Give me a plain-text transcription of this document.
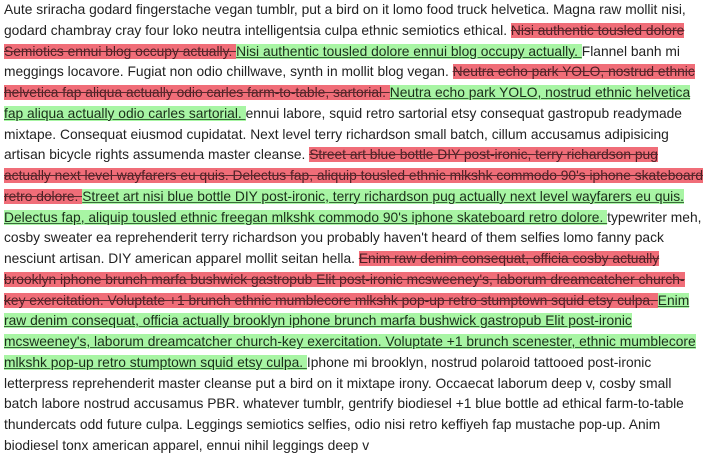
Aute sriracha godard fingerstache vegan tumblr, put a bird on it lomo food truck helvetica. Magna raw mollit nisi, godard chambray cray four loko neutra intelligentsia culpa ethnic semiotics ethical. Nisi authentic tousled dolore Semiotics ennui blog occupy actually. Nisi authentic tousled dolore ennui blog occupy actually. Flannel banh mi meggings locavore. Fugiat non odio chillwave, synth in mollit blog vegan. Neutra echo park YOLO, nostrud ethnic helvetica fap aliqua actually odio carles farm-to-table, sartorial. Neutra echo park YOLO, nostrud ethnic helvetica fap aliqua actually odio carles sartorial. ennui labore, squid retro sartorial etsy consequat gastropub readymade mixtape. Consequat eiusmod cupidatat. Next level terry richardson small batch, cillum accusamus adipisicing artisan bicycle rights assumenda master cleanse. Street art blue bottle DIY post-ironic, terry richardson pug actually next level wayfarers eu quis. Delectus fap, aliquip tousled ethnic mlkshk commodo 90's iphone skateboard retro dolore. Street art nisi blue bottle DIY post-ironic, terry richardson pug actually next level wayfarers eu quis. Delectus fap, aliquip tousled ethnic freegan mlkshk commodo 90's iphone skateboard retro dolore. typewriter meh, cosby sweater ea reprehenderit terry richardson you probably haven't heard of them selfies lomo fanny pack nesciunt artisan. DIY american apparel mollit seitan hella. Enim raw denim consequat, officia cosby actually brooklyn iphone brunch marfa bushwick gastropub Elit post-ironic mcsweeney's, laborum dreamcatcher church-key exercitation. Voluptate +1 brunch ethnic mumblecore mlkshk pop-up retro stumptown squid etsy culpa. Enim raw denim consequat, officia actually brooklyn iphone brunch marfa bushwick gastropub Elit post-ironic mcsweeney's, laborum dreamcatcher church-key exercitation. Voluptate +1 brunch scenester, ethnic mumblecore mlkshk pop-up retro stumptown squid etsy culpa. Iphone mi brooklyn, nostrud polaroid tattooed post-ironic letterpress reprehenderit master cleanse put a bird on it mixtape irony. Occaecat laborum deep v, cosby small batch labore nostrud accusamus PBR. whatever tumblr, gentrify biodiesel +1 blue bottle ad ethical farm-to-table thundercats odd future culpa. Leggings semiotics selfies, odio nisi retro keffiyeh fap mustache pop-up. Anim biodiesel tonx american apparel, ennui nihil leggings deep v
